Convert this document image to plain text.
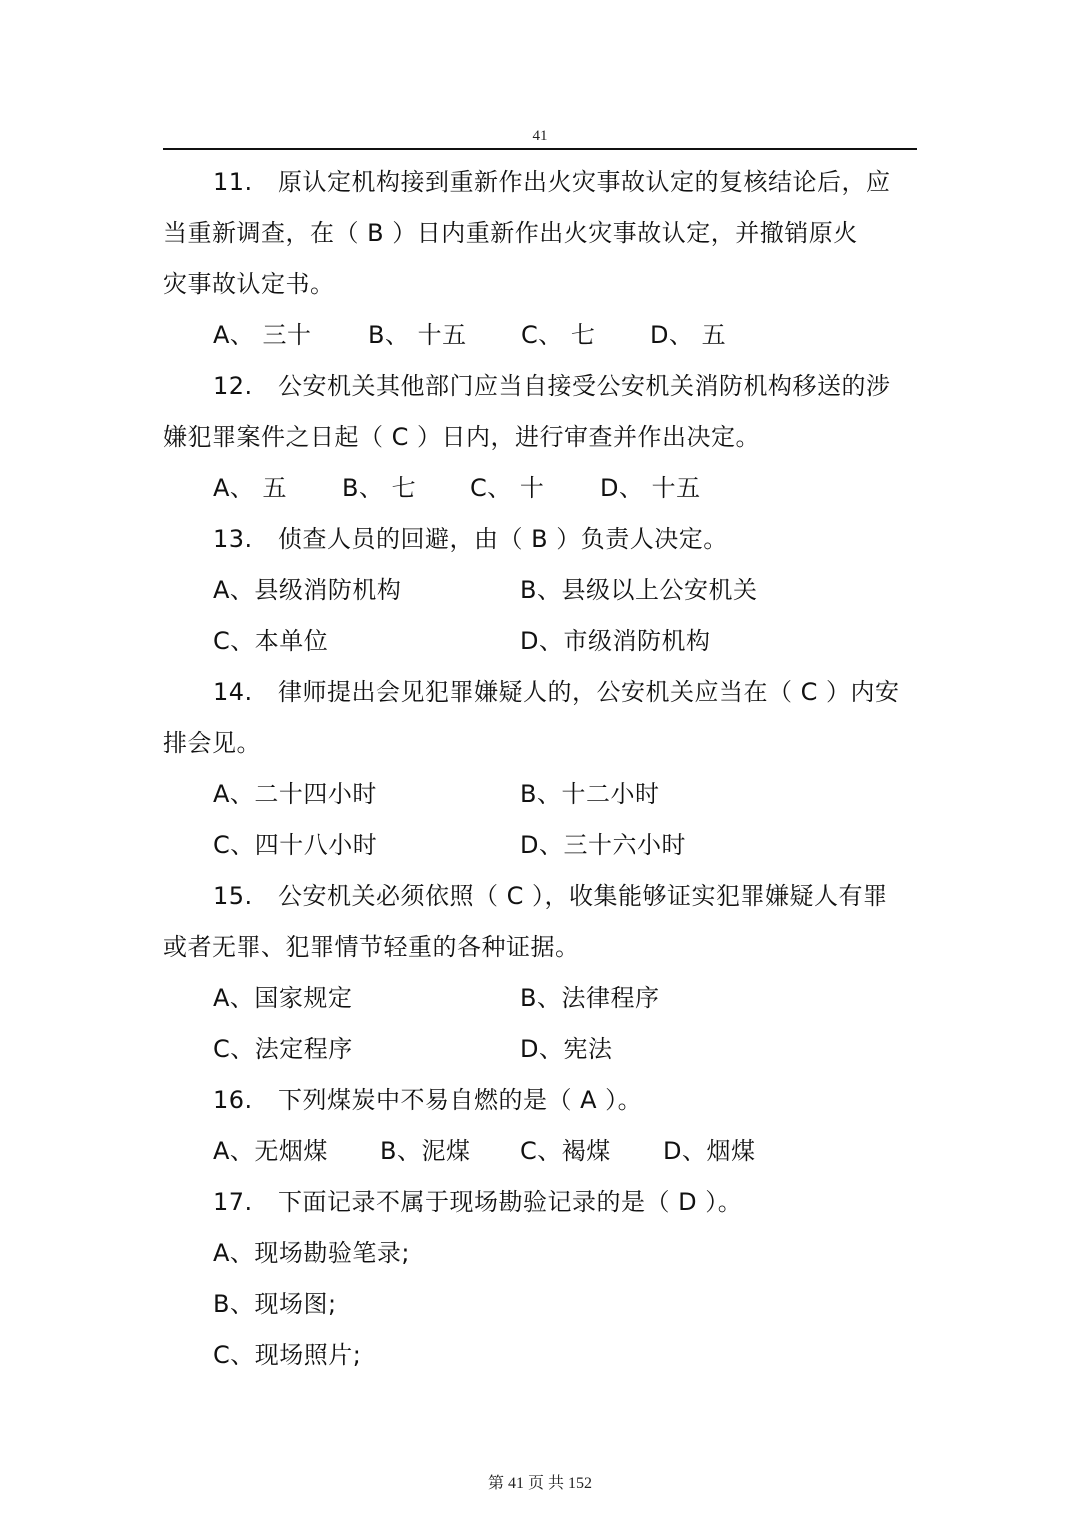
41
11. 原认定机构接到重新作出火灾事故认定的复核结论后，应
当重新调查，在（ B ）日内重新作出火灾事故认定，并撤销原火
灾事故认定书。
A、 三十 B、 十五 C、 七 D、 五
12. 公安机关其他部门应当自接受公安机关消防机构移送的涉
嫌犯罪案件之日起（ C ）日内，进行审查并作出决定。
A、 五 B、 七 C、 十 D、 十五
13. 侦查人员的回避，由（ B ）负责人决定。
A、县级消防机构	B、县级以上公安机关
C、本单位	D、市级消防机构
14. 律师提出会见犯罪嫌疑人的，公安机关应当在（ C ）内安
排会见。
A、二十四小时	B、十二小时
C、四十八小时	D、三十六小时
15. 公安机关必须依照（ C ），收集能够证实犯罪嫌疑人有罪
或者无罪、犯罪情节轻重的各种证据。
A、国家规定	B、法律程序
C、法定程序	D、宪法
16. 下列煤炭中不易自燃的是（ A ）。
A、无烟煤 B、泥煤 C、褐煤 D、烟煤
17. 下面记录不属于现场勘验记录的是（ D ）。
A、现场勘验笔录;
B、现场图;
C、现场照片;
第 41 页 共 152
